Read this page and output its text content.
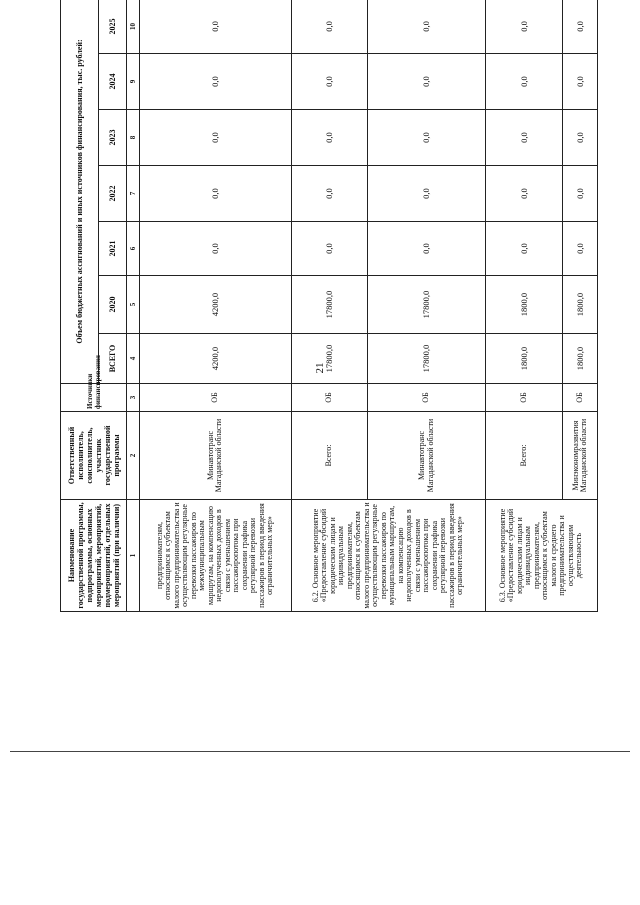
21
Наименование государственной программы, подпрограммы, основных мероприятий, мероприятий, подмероприятий, отдельных мероприятий (при наличии)	Ответственный исполнитель, соисполнитель, участник государственной программы	Источники финансирования	Объем бюджетных ассигнований и иных источников финансирования, тыс. рублей:						
			ВСЕГО	2020	2021	2022	2023	2024	2025
1	2	3	4	5	6	7	8	9	10
предпринимателям, относящимся к субъектам малого предпринимательства и осуществляющим регулярные перевозки пассажиров по межмуниципальным маршрутам, на компенсацию недополученных доходов в связи с уменьшением пассажиропотока при сохранении графика регулярной перевозки пассажиров в период введения ограничительных мер»	Минавтотранс Магаданской области	ОБ	4200,0	4200,0	0,0	0,0	0,0	0,0	0,0
6.2. Основное мероприятие «Предоставление субсидий юридическим лицам и индивидуальным предпринимателям, относящимся к субъектам малого предпринимательства и осуществляющим регулярные перевозки пассажиров по муниципальным маршрутам, на компенсацию недополученных доходов в связи с уменьшением пассажиропотока при сохранении графика регулярной перевозки пассажиров в период введения ограничительных мер»	Всего:	ОБ	17800,0	17800,0	0,0	0,0	0,0	0,0	0,0
	Минавтотранс Магаданской области	ОБ	17800,0	17800,0	0,0	0,0	0,0	0,0	0,0
6.3. Основное мероприятие «Предоставление субсидий юридическим лицам и индивидуальным предпринимателям, относящимся к субъектам малого и среднего предпринимательства и осуществляющим деятельность	Всего:	ОБ	1800,0	1800,0	0,0	0,0	0,0	0,0	0,0
	Минэкономразвития Магаданской области	ОБ	1800,0	1800,0	0,0	0,0	0,0	0,0	0,0
